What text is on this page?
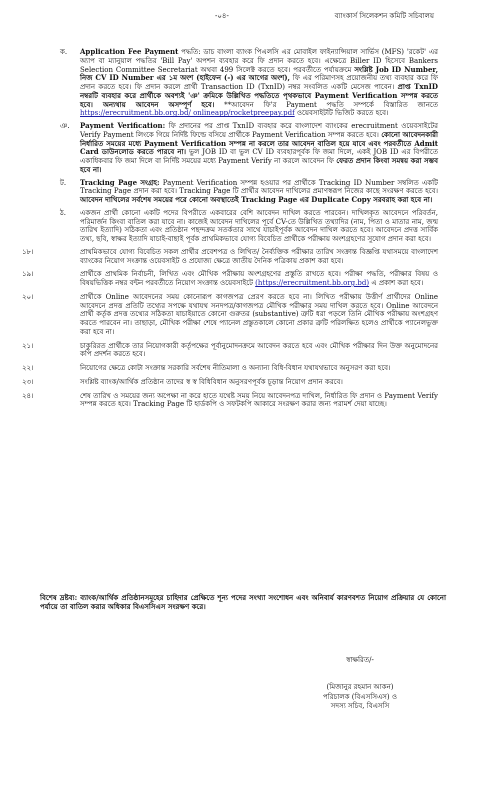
-০৪-	ব্যাংকার্স সিলেকশন কমিটি সচিবালয়
ক.	Application Fee Payment পদ্ধতি: ডাচ বাংলা ব্যাংক পিএলসি এর মোবাইল ফাইন্যান্সিয়াল সার্ভিস (MFS) 'রকেট' এর অ্যাপ বা ম্যানুয়াল পদ্ধতির 'Bill Pay' অপশন ব্যবহার করে ফি প্রদান করতে হবে। এক্ষেত্রে Biller ID হিসেবে Bankers Selection Committee Secretariat অথবা 499 সিলেক্ট করতে হবে। পরবর্তীতে পর্যায়ক্রমে সংশ্লিষ্ট Job ID Number, নিজ CV ID Number এর ১ম অংশ (হাইফেন (-) এর আগের অংশ), ফি এর পরিমাণসহ প্রয়োজনীয় তথ্য ব্যবহার করে ফি প্রদান করতে হবে। ফি প্রদান করলে প্রার্থী Transaction ID (TxnID) নম্বর সংবলিত একটি মেসেজ পাবেন। প্রাপ্ত TxnID নম্বরটি ব্যবহার করে প্রার্থীকে অবশ্যই 'ঞ' ক্রমিকে উল্লিখিত পদ্ধতিতে পৃথকভাবে Payment Verification সম্পন্ন করতে হবে। অন্যথায় আবেদন অসম্পূর্ণ হবে। **আবেদন ফি'র Payment পদ্ধতি সম্পর্কে বিস্তারিত জানতে https://erecruitment.bb.org.bd/ onlineapp/rocketpreepay.pdf ওয়েবসাইটটি ভিজিট করতে হবে।
ঞ.	Payment Verification: ফি প্রদানের পর প্রাপ্ত TxnID ব্যবহার করে বাংলাদেশ ব্যাংকের erecruitment ওয়েবসাইটের Verify Payment লিংকে গিয়ে নির্দিষ্ট ফিল্ডে বসিয়ে প্রার্থীকে Payment Verification সম্পন্ন করতে হবে। কোনো আবেদনকারী নির্ধারিত সময়ের মধ্যে Payment Verification সম্পন্ন না করলে তার আবেদন বাতিল হয়ে যাবে এবং পরবর্তীতে Admit Card ডাউনলোড করতে পারবে না। ভুল JOB ID বা ভুল CV ID ব্যবহারপূর্বক ফি জমা দিলে, একই JOB ID এর বিপরীতে একাধিকবার ফি জমা দিলে বা নির্দিষ্ট সময়ের মধ্যে Payment Verify না করলে আবেদন ফি ফেরত প্রদান কিংবা সমন্বয় করা সম্ভব হবে না।
ট.	Tracking Page সংগ্রহ: Payment Verification সম্পন্ন হওয়ার পর প্রার্থীকে Tracking ID Number সম্বলিত একটি Tracking Page প্রদান করা হবে। Tracking Page টি প্রার্থীর আবেদন দাখিলের প্রমাণস্বরূপ নিজের কাছে সংরক্ষণ করতে হবে। আবেদন দাখিলের সর্বশেষ সময়ের পরে কোনো অবস্থাতেই Tracking Page এর Duplicate Copy সরবরাহ করা হবে না।
ঠ.	একজন প্রার্থী কোনো একটি পদের বিপরীতে একবারের বেশি আবেদন দাখিল করতে পারবেন। দাখিলকৃত আবেদনে পরিবর্তন, পরিমার্জন কিংবা বাতিল করা যাবে না। কাজেই আবেদন দাখিলের পূর্বে CV-তে উল্লিখিত তথ্যাদির (নাম, পিতা ও মাতার নাম, জন্ম তারিখ ইত্যাদি) সঠিকতা এবং প্রতিষ্ঠান পছন্দক্রম সতর্কতার সাথে যাচাইপূর্বক আবেদন দাখিল করতে হবে। আবেদনে প্রদত্ত সার্বিক তথ্য, ছবি, স্বাক্ষর ইত্যাদি যাচাই-বাছাই পূর্বক প্রাথমিকভাবে যোগ্য বিবেচিত প্রার্থীকে পরীক্ষায় অংশগ্রহণের সুযোগ প্রদান করা হবে।
১৮।	প্রাথমিকভাবে যোগ্য বিবেচিত সকল প্রার্থীর প্রবেশপত্র ও লিখিত/ নৈর্ব্যক্তিক পরীক্ষার তারিখ সংক্রান্ত বিজ্ঞপ্তি যথাসময়ে বাংলাদেশ ব্যাংকের নিয়োগ সংক্রান্ত ওয়েবসাইট ও প্রযোজ্য ক্ষেত্রে জাতীয় দৈনিক পত্রিকায় প্রকাশ করা হবে।
১৯।	প্রার্থীকে প্রাথমিক নির্বাচনী, লিখিত এবং মৌখিক পরীক্ষায় অংশগ্রহণের প্রস্তুতি রাখতে হবে। পরীক্ষা পদ্ধতি, পরীক্ষার বিষয় ও বিষয়ভিত্তিক নম্বর বন্টন পরবর্তীতে নিয়োগ সংক্রান্ত ওয়েবসাইটে (https://erecruitment.bb.org.bd) এ প্রকাশ করা হবে।
২০।	প্রার্থীকে Online আবেদনের সময় কোনোরূপ কাগজপত্র প্রেরণ করতে হবে না। লিখিত পরীক্ষায় উত্তীর্ণ প্রার্থীদের Online আবেদনে প্রদত্ত প্রতিটি তথ্যের সপক্ষে যথাযথ সনদপত্র/কাগজপত্র মৌখিক পরীক্ষার সময় দাখিল করতে হবে। Online আবেদনে প্রার্থী কর্তৃক প্রদত্ত তথ্যের সঠিকতা যাচাইয়াতে কোনো গুরুতর (substantive) ত্রুটি ধরা পড়লে তিনি মৌখিক পরীক্ষায় অংশগ্রহণ করতে পারবেন না। তাছাড়া, মৌখিক পরীক্ষা শেষে প্যানেল প্রস্তুতকালে কোনো প্রকার ত্রুটি পরিলক্ষিত হলেও প্রার্থীকে প্যানেলভুক্ত করা হবে না।
২১।	চাকুরিরত প্রার্থীকে তার নিয়োগকারী কর্তৃপক্ষের পূর্বানুমোদনক্রমে আবেদন করতে হবে এবং মৌখিক পরীক্ষার দিন উক্ত অনুমোদনের কপি প্রদর্শন করতে হবে।
২২।	নিয়োগের ক্ষেত্রে কোটা সংক্রান্ত সরকারি সর্বশেষ নীতিমালা ও অন্যান্য বিধি-বিধান যথাযথভাবে অনুসরণ করা হবে।
২৩।	সংশ্লিষ্ট ব্যাংক/আর্থিক প্রতিষ্ঠান তাদের স্ব স্ব বিধিবিধান অনুসরণপূর্বক চূড়ান্ত নিয়োগ প্রদান করবে।
২৪।	শেষ তারিখ ও সময়ের জন্য অপেক্ষা না করে হাতে যথেষ্ট সময় নিয়ে আবেদনপত্র দাখিল, নির্ধারিত ফি প্রদান ও Payment Verify সম্পন্ন করতে হবে। Tracking Page টি হার্ডকপি ও সফটকপি আকারে সংরক্ষণ করার জন্য পরামর্শ দেয়া যাচ্ছে।
বিশেষ দ্রষ্টব্য: ব্যাংক/আর্থিক প্রতিষ্ঠানসমূহের চাহিদার প্রেক্ষিতে শূন্য পদের সংখ্যা সংশোধন এবং অনিবার্য কারণবশত নিয়োগ প্রক্রিয়ার যে কোনো পর্যায়ে তা বাতিল করার অধিকার বিএসসিএস সংরক্ষণ করে।
স্বাক্ষরিত/-
(মিজানুর রহমান আকন)
পরিচালক (বিএসসিএস) ও
সদস্য সচিব, বিএসসি
